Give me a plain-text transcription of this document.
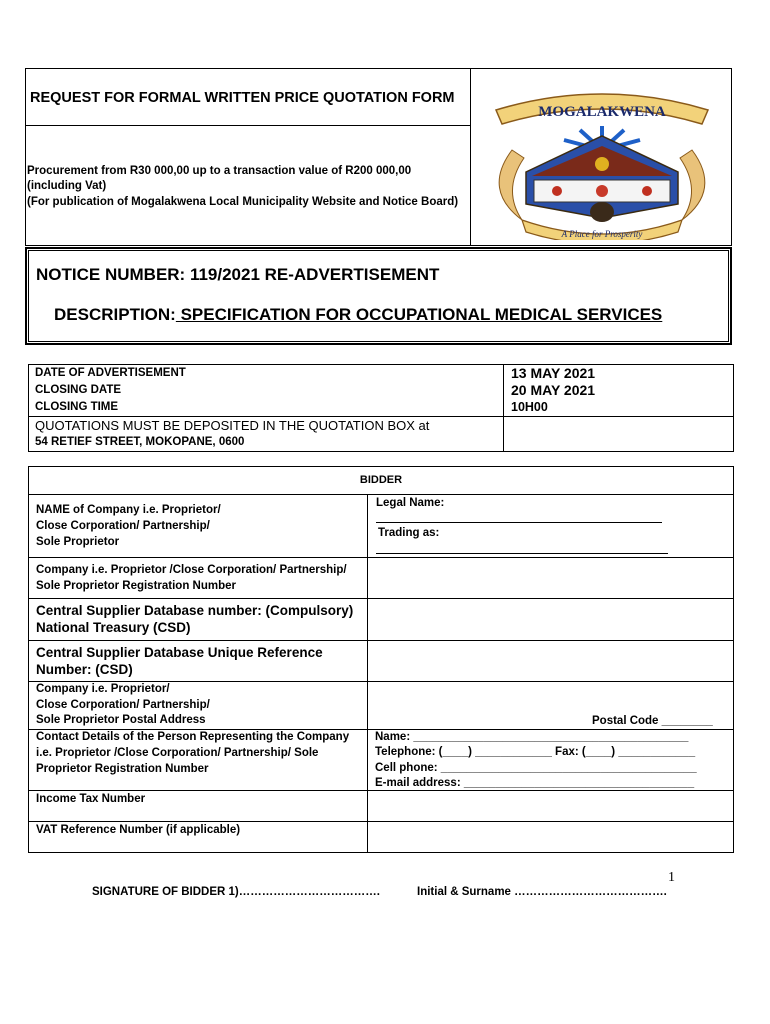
REQUEST FOR FORMAL WRITTEN PRICE QUOTATION FORM
Procurement from R30 000,00 up to a transaction value of R200 000,00
(including Vat)
(For publication of Mogalakwena Local Municipality Website and Notice Board)
MOGALAKWENA
A Place for Prosperity
NOTICE NUMBER: 119/2021 RE-ADVERTISEMENT
DESCRIPTION: SPECIFICATION FOR OCCUPATIONAL MEDICAL SERVICES
DATE OF ADVERTISEMENT
CLOSING DATE
CLOSING TIME
13 MAY 2021
20 MAY 2021
10H00
QUOTATIONS MUST BE DEPOSITED IN THE QUOTATION BOX at
54 RETIEF STREET, MOKOPANE, 0600
BIDDER
NAME of Company i.e. Proprietor/
Close Corporation/ Partnership/
Sole Proprietor
Company i.e. Proprietor /Close Corporation/ Partnership/
Sole Proprietor Registration Number
Central Supplier Database number: (Compulsory)
National Treasury (CSD)
Central Supplier Database Unique Reference
Number: (CSD)
Company i.e. Proprietor/
Close Corporation/ Partnership/
Sole Proprietor Postal Address
Contact Details of the Person Representing the Company
i.e. Proprietor /Close Corporation/ Partnership/ Sole
Proprietor Registration Number
Income Tax Number
VAT Reference Number (if applicable)
Legal Name:
Trading as:
Postal Code ________
Name: ___________________________________________
Telephone: (____) ____________ Fax: (____) ____________
Cell phone: ________________________________________
E-mail address: ____________________________________
1
SIGNATURE OF BIDDER 1)……………………………….	Initial & Surname ………………………………….
